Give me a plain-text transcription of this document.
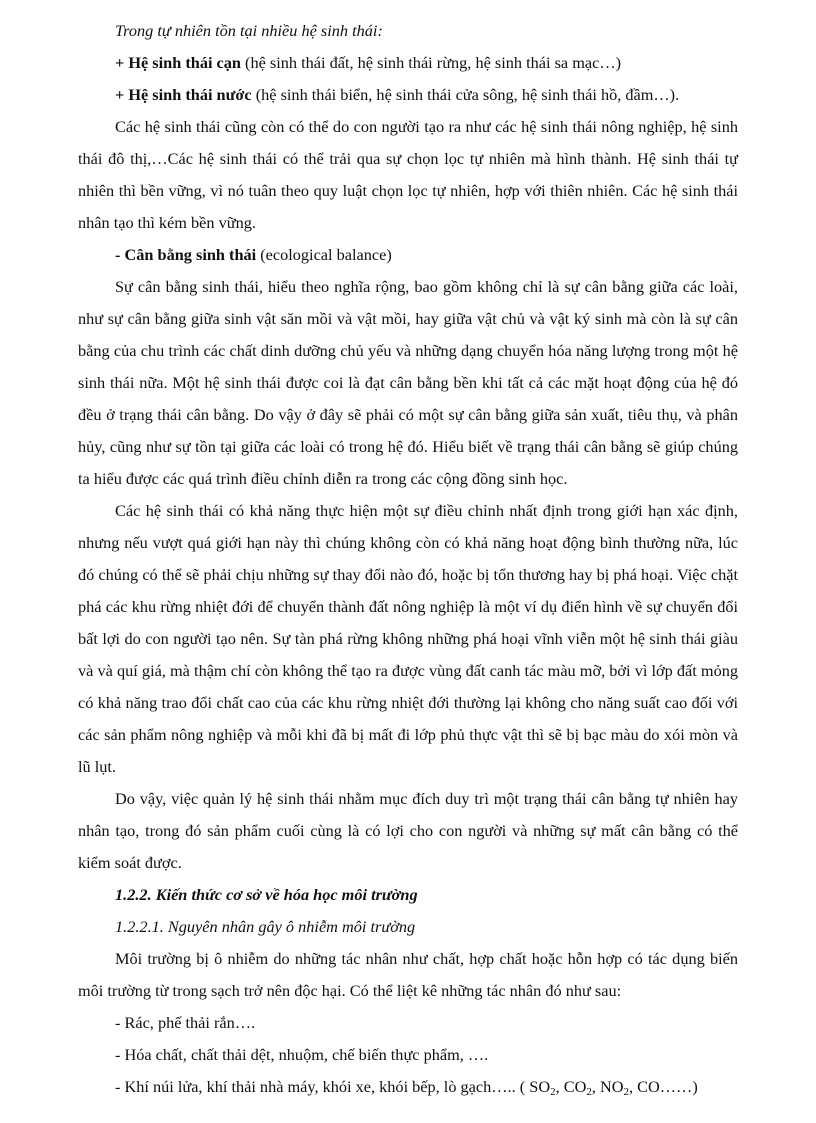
Trong tự nhiên tồn tại nhiều hệ sinh thái:

+ Hệ sinh thái cạn (hệ sinh thái đất, hệ sinh thái rừng, hệ sinh thái sa mạc…)

+ Hệ sinh thái nước (hệ sinh thái biển, hệ sinh thái cửa sông, hệ sinh thái hồ, đầm…).

Các hệ sinh thái cũng còn có thể do con người tạo ra như các hệ sinh thái nông nghiệp, hệ sinh thái đô thị,…Các hệ sinh thái có thể trải qua sự chọn lọc tự nhiên mà hình thành. Hệ sinh thái tự nhiên thì bền vững, vì nó tuân theo quy luật chọn lọc tự nhiên, hợp với thiên nhiên. Các hệ sinh thái nhân tạo thì kém bền vững.

- Cân bằng sinh thái (ecological balance)

Sự cân bằng sinh thái, hiểu theo nghĩa rộng, bao gồm không chỉ là sự cân bằng giữa các loài, như sự cân bằng giữa sinh vật săn mồi và vật mồi, hay giữa vật chủ và vật ký sinh mà còn là sự cân bằng của chu trình các chất dinh dưỡng chủ yếu và những dạng chuyển hóa năng lượng trong một hệ sinh thái nữa. Một hệ sinh thái được coi là đạt cân bằng bền khi tất cả các mặt hoạt động của hệ đó đều ở trạng thái cân bằng. Do vậy ở đây sẽ phải có một sự cân bằng giữa sản xuất, tiêu thụ, và phân hủy, cũng như sự tồn tại giữa các loài có trong hệ đó. Hiểu biết về trạng thái cân bằng sẽ giúp chúng ta hiểu được các quá trình điều chỉnh diễn ra trong các cộng đồng sinh học.

Các hệ sinh thái có khả năng thực hiện một sự điều chỉnh nhất định trong giới hạn xác định, nhưng nếu vượt quá giới hạn này thì chúng không còn có khả năng hoạt động bình thường nữa, lúc đó chúng có thể sẽ phải chịu những sự thay đổi nào đó, hoặc bị tổn thương hay bị phá hoại. Việc chặt phá các khu rừng nhiệt đới để chuyển thành đất nông nghiệp là một ví dụ điển hình về sự chuyển đổi bất lợi do con người tạo nên. Sự tàn phá rừng không những phá hoại vĩnh viễn một hệ sinh thái giàu và và quí giá, mà thậm chí còn không thể tạo ra được vùng đất canh tác màu mỡ, bởi vì lớp đất mỏng có khả năng trao đổi chất cao của các khu rừng nhiệt đới thường lại không cho năng suất cao đối với các sản phẩm nông nghiệp và mỗi khi đã bị mất đi lớp phủ thực vật thì sẽ bị bạc màu do xói mòn và lũ lụt.

Do vậy, việc quản lý hệ sinh thái nhằm mục đích duy trì một trạng thái cân bằng tự nhiên hay nhân tạo, trong đó sản phẩm cuối cùng là có lợi cho con người và những sự mất cân bằng có thể kiểm soát được.

1.2.2. Kiến thức cơ sở về hóa học môi trường

1.2.2.1. Nguyên nhân gây ô nhiễm môi trường

Môi trường bị ô nhiễm do những tác nhân như chất, hợp chất hoặc hỗn hợp có tác dụng biến môi trường từ trong sạch trở nên độc hại. Có thể liệt kê những tác nhân đó như sau:

- Rác, phế thải rắn….

- Hóa chất, chất thải dệt, nhuộm, chế biến thực phẩm, ….

- Khí núi lửa, khí thải nhà máy, khói xe, khói bếp, lò gạch….. ( $SO_2$, $CO_2$, $NO_2$, CO……)
